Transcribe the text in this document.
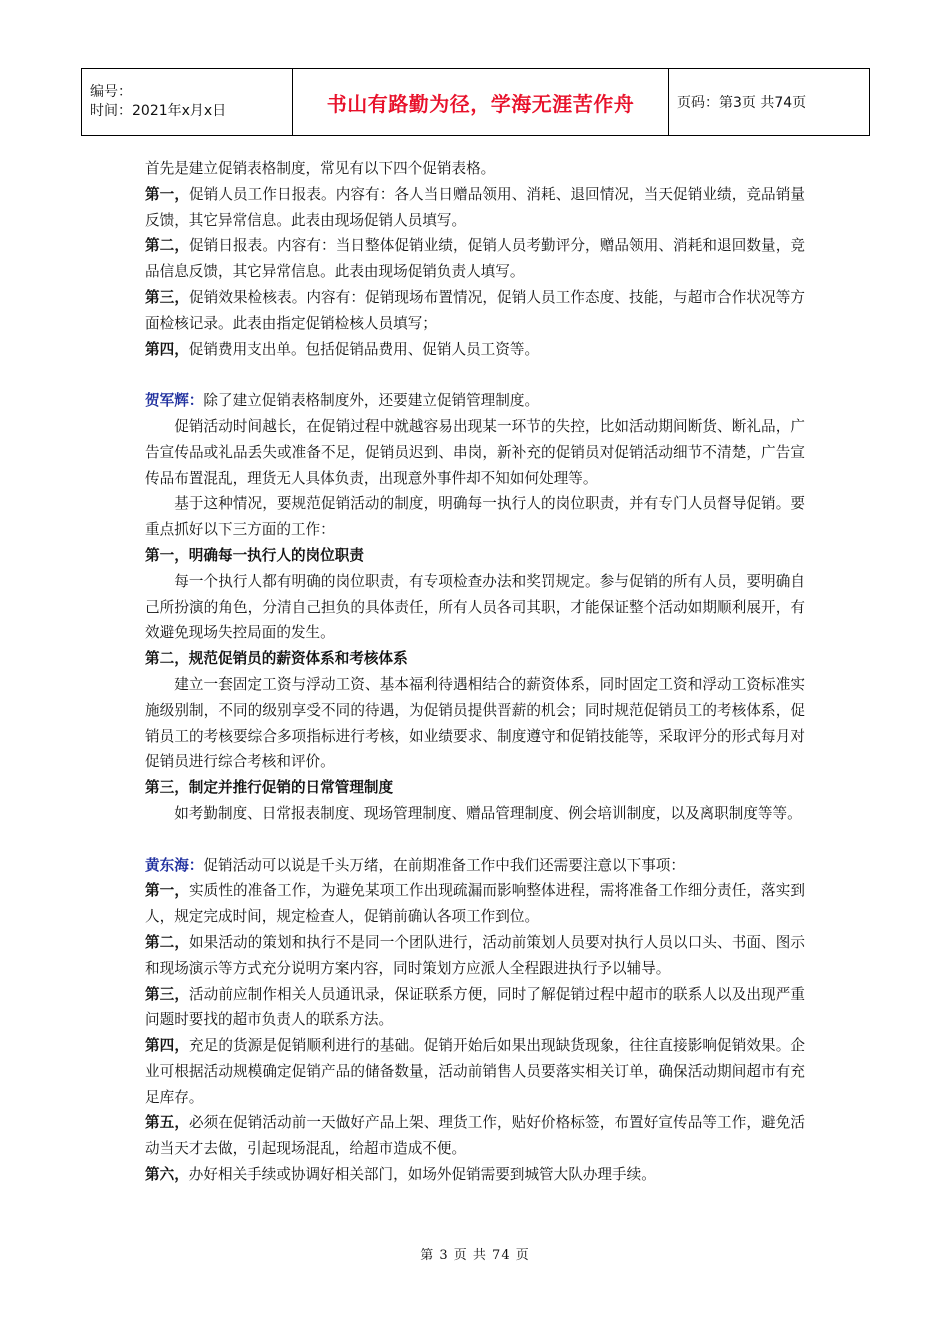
编号：
时间：2021年x月x日	书山有路勤为径，学海无涯苦作舟	页码：第3页 共74页

首先是建立促销表格制度，常见有以下四个促销表格。

第一，促销人员工作日报表。内容有：各人当日赠品领用、消耗、退回情况，当天促销业绩，竞品销量反馈，其它异常信息。此表由现场促销人员填写。

第二，促销日报表。内容有：当日整体促销业绩，促销人员考勤评分，赠品领用、消耗和退回数量，竞品信息反馈，其它异常信息。此表由现场促销负责人填写。

第三，促销效果检核表。内容有：促销现场布置情况，促销人员工作态度、技能，与超市合作状况等方面检核记录。此表由指定促销检核人员填写；

第四，促销费用支出单。包括促销品费用、促销人员工资等。

贺军辉：除了建立促销表格制度外，还要建立促销管理制度。

促销活动时间越长，在促销过程中就越容易出现某一环节的失控，比如活动期间断货、断礼品，广告宣传品或礼品丢失或准备不足，促销员迟到、串岗，新补充的促销员对促销活动细节不清楚，广告宣传品布置混乱，理货无人具体负责，出现意外事件却不知如何处理等。

基于这种情况，要规范促销活动的制度，明确每一执行人的岗位职责，并有专门人员督导促销。要重点抓好以下三方面的工作：

第一，明确每一执行人的岗位职责

每一个执行人都有明确的岗位职责，有专项检查办法和奖罚规定。参与促销的所有人员，要明确自己所扮演的角色，分清自己担负的具体责任，所有人员各司其职，才能保证整个活动如期顺利展开，有效避免现场失控局面的发生。

第二，规范促销员的薪资体系和考核体系

建立一套固定工资与浮动工资、基本福利待遇相结合的薪资体系，同时固定工资和浮动工资标准实施级别制，不同的级别享受不同的待遇，为促销员提供晋薪的机会；同时规范促销员工的考核体系，促销员工的考核要综合多项指标进行考核，如业绩要求、制度遵守和促销技能等，采取评分的形式每月对促销员进行综合考核和评价。

第三，制定并推行促销的日常管理制度

如考勤制度、日常报表制度、现场管理制度、赠品管理制度、例会培训制度，以及离职制度等等。

黄东海：促销活动可以说是千头万绪，在前期准备工作中我们还需要注意以下事项：

第一，实质性的准备工作，为避免某项工作出现疏漏而影响整体进程，需将准备工作细分责任，落实到人，规定完成时间，规定检查人，促销前确认各项工作到位。

第二，如果活动的策划和执行不是同一个团队进行，活动前策划人员要对执行人员以口头、书面、图示和现场演示等方式充分说明方案内容，同时策划方应派人全程跟进执行予以辅导。

第三，活动前应制作相关人员通讯录，保证联系方便，同时了解促销过程中超市的联系人以及出现严重问题时要找的超市负责人的联系方法。

第四，充足的货源是促销顺利进行的基础。促销开始后如果出现缺货现象，往往直接影响促销效果。企业可根据活动规模确定促销产品的储备数量，活动前销售人员要落实相关订单，确保活动期间超市有充足库存。

第五，必须在促销活动前一天做好产品上架、理货工作，贴好价格标签，布置好宣传品等工作，避免活动当天才去做，引起现场混乱，给超市造成不便。

第六，办好相关手续或协调好相关部门，如场外促销需要到城管大队办理手续。

第 3 页 共 74 页
